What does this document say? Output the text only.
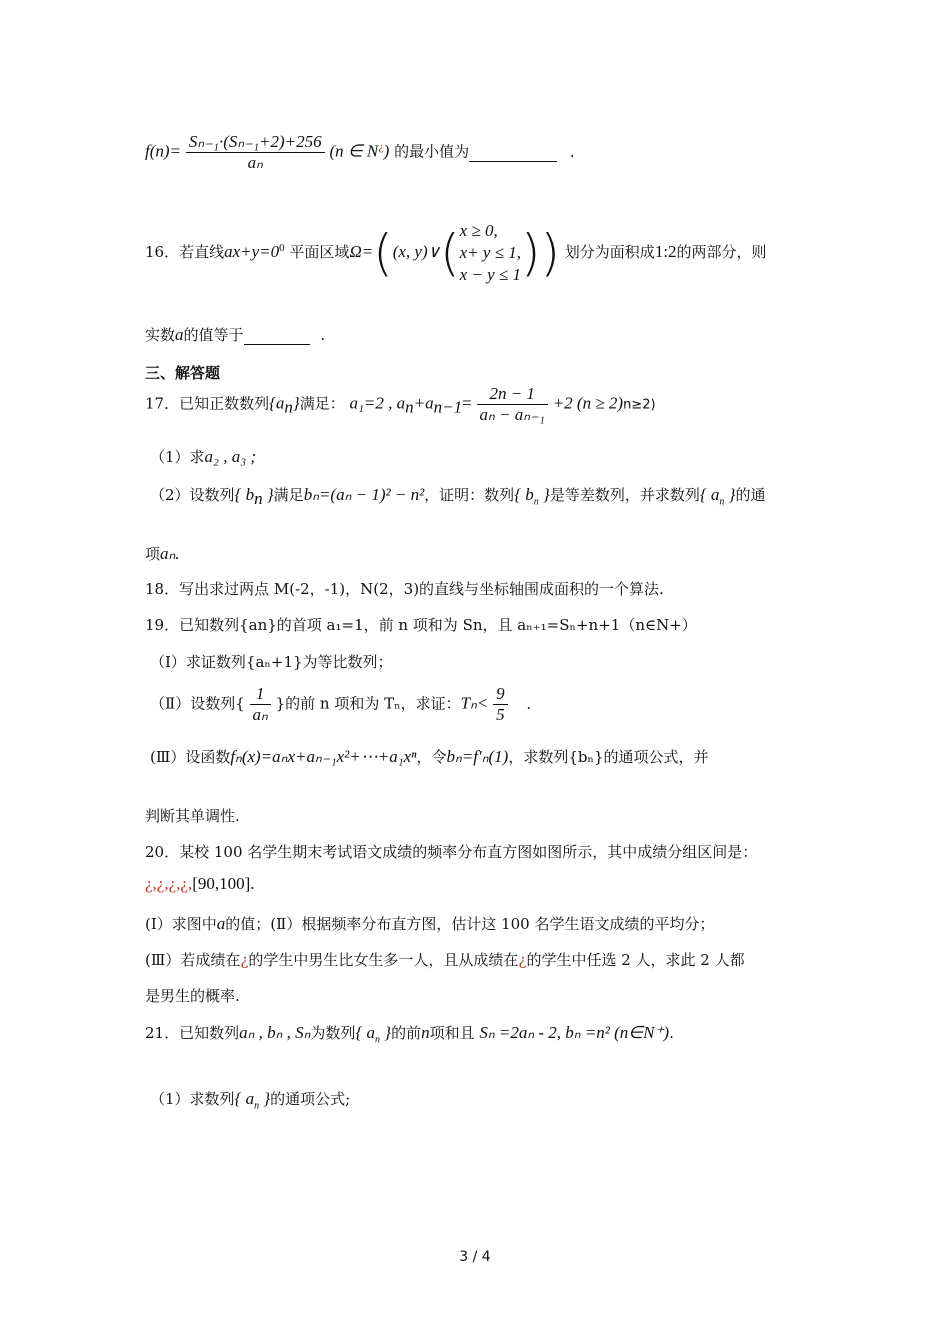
$f(n)= \frac{\text{Sₙ₋₁·(Sₙ₋₁+2)+256}}{\text{aₙ}} (n$ ∈ N¿) 的最小值为	.
16．若直线$ax+y=0^0$ 平面区域Ω=((x, y)∨( x ≥ 0,
x+ y ≤ 1,
x − y ≤ 1 )) 划分为面积成1:2的两部分，则
实数a的值等于	.
三、解答题
17．已知正数数列$\{a_n\}$满足： a₁=2 , $a_n+a_{n-1}= \frac{2n - 1}{\text{aₙ − aₙ₋₁}} +2$ (n ≥ 2)n≥2)
（1）求a₂ , a₃ ;
（2）设数列{ $b_n$ }满足bₙ=(aₙ − 1)² − n²，证明：数列{ $b_n$ }是等差数列，并求数列{ $a_n$ }的通
项aₙ.
18．写出求过两点 M(-2，-1)，N(2，3)的直线与坐标轴围成面积的一个算法.
19．已知数列{an}的首项 a₁=1，前 n 项和为 Sn，且 aₙ₊₁=Sₙ+n+1（n∈N+）
（Ⅰ）求证数列{aₙ+1}为等比数列；
（Ⅱ）设数列{ $\frac{1}{\text{aₙ}}$ }的前 n 项和为 Tₙ，求证：$T_n< \frac{9}{5}$ .
(Ⅲ）设函数fₙ(x)=aₙx+aₙ₋₁x²+⋯+a₁xⁿ，令bₙ=f′ₙ(1)，求数列{bₙ}的通项公式，并
判断其单调性.
20．某校 100 名学生期末考试语文成绩的频率分布直方图如图所示，其中成绩分组区间是：
¿,¿,¿,¿,[90,100].
(Ⅰ）求图中a的值；(Ⅱ）根据频率分布直方图，估计这 100 名学生语文成绩的平均分；
(Ⅲ）若成绩在¿的学生中男生比女生多一人，且从成绩在¿的学生中任选 2 人，求此 2 人都
是男生的概率.
21．已知数列aₙ , bₙ , Sₙ为数列{ $a_n$ }的前n项和且 Sₙ =2aₙ - 2, bₙ =n² (n∈N⁺).
（1）求数列{ $a_n$ }的通项公式;
3 / 4
